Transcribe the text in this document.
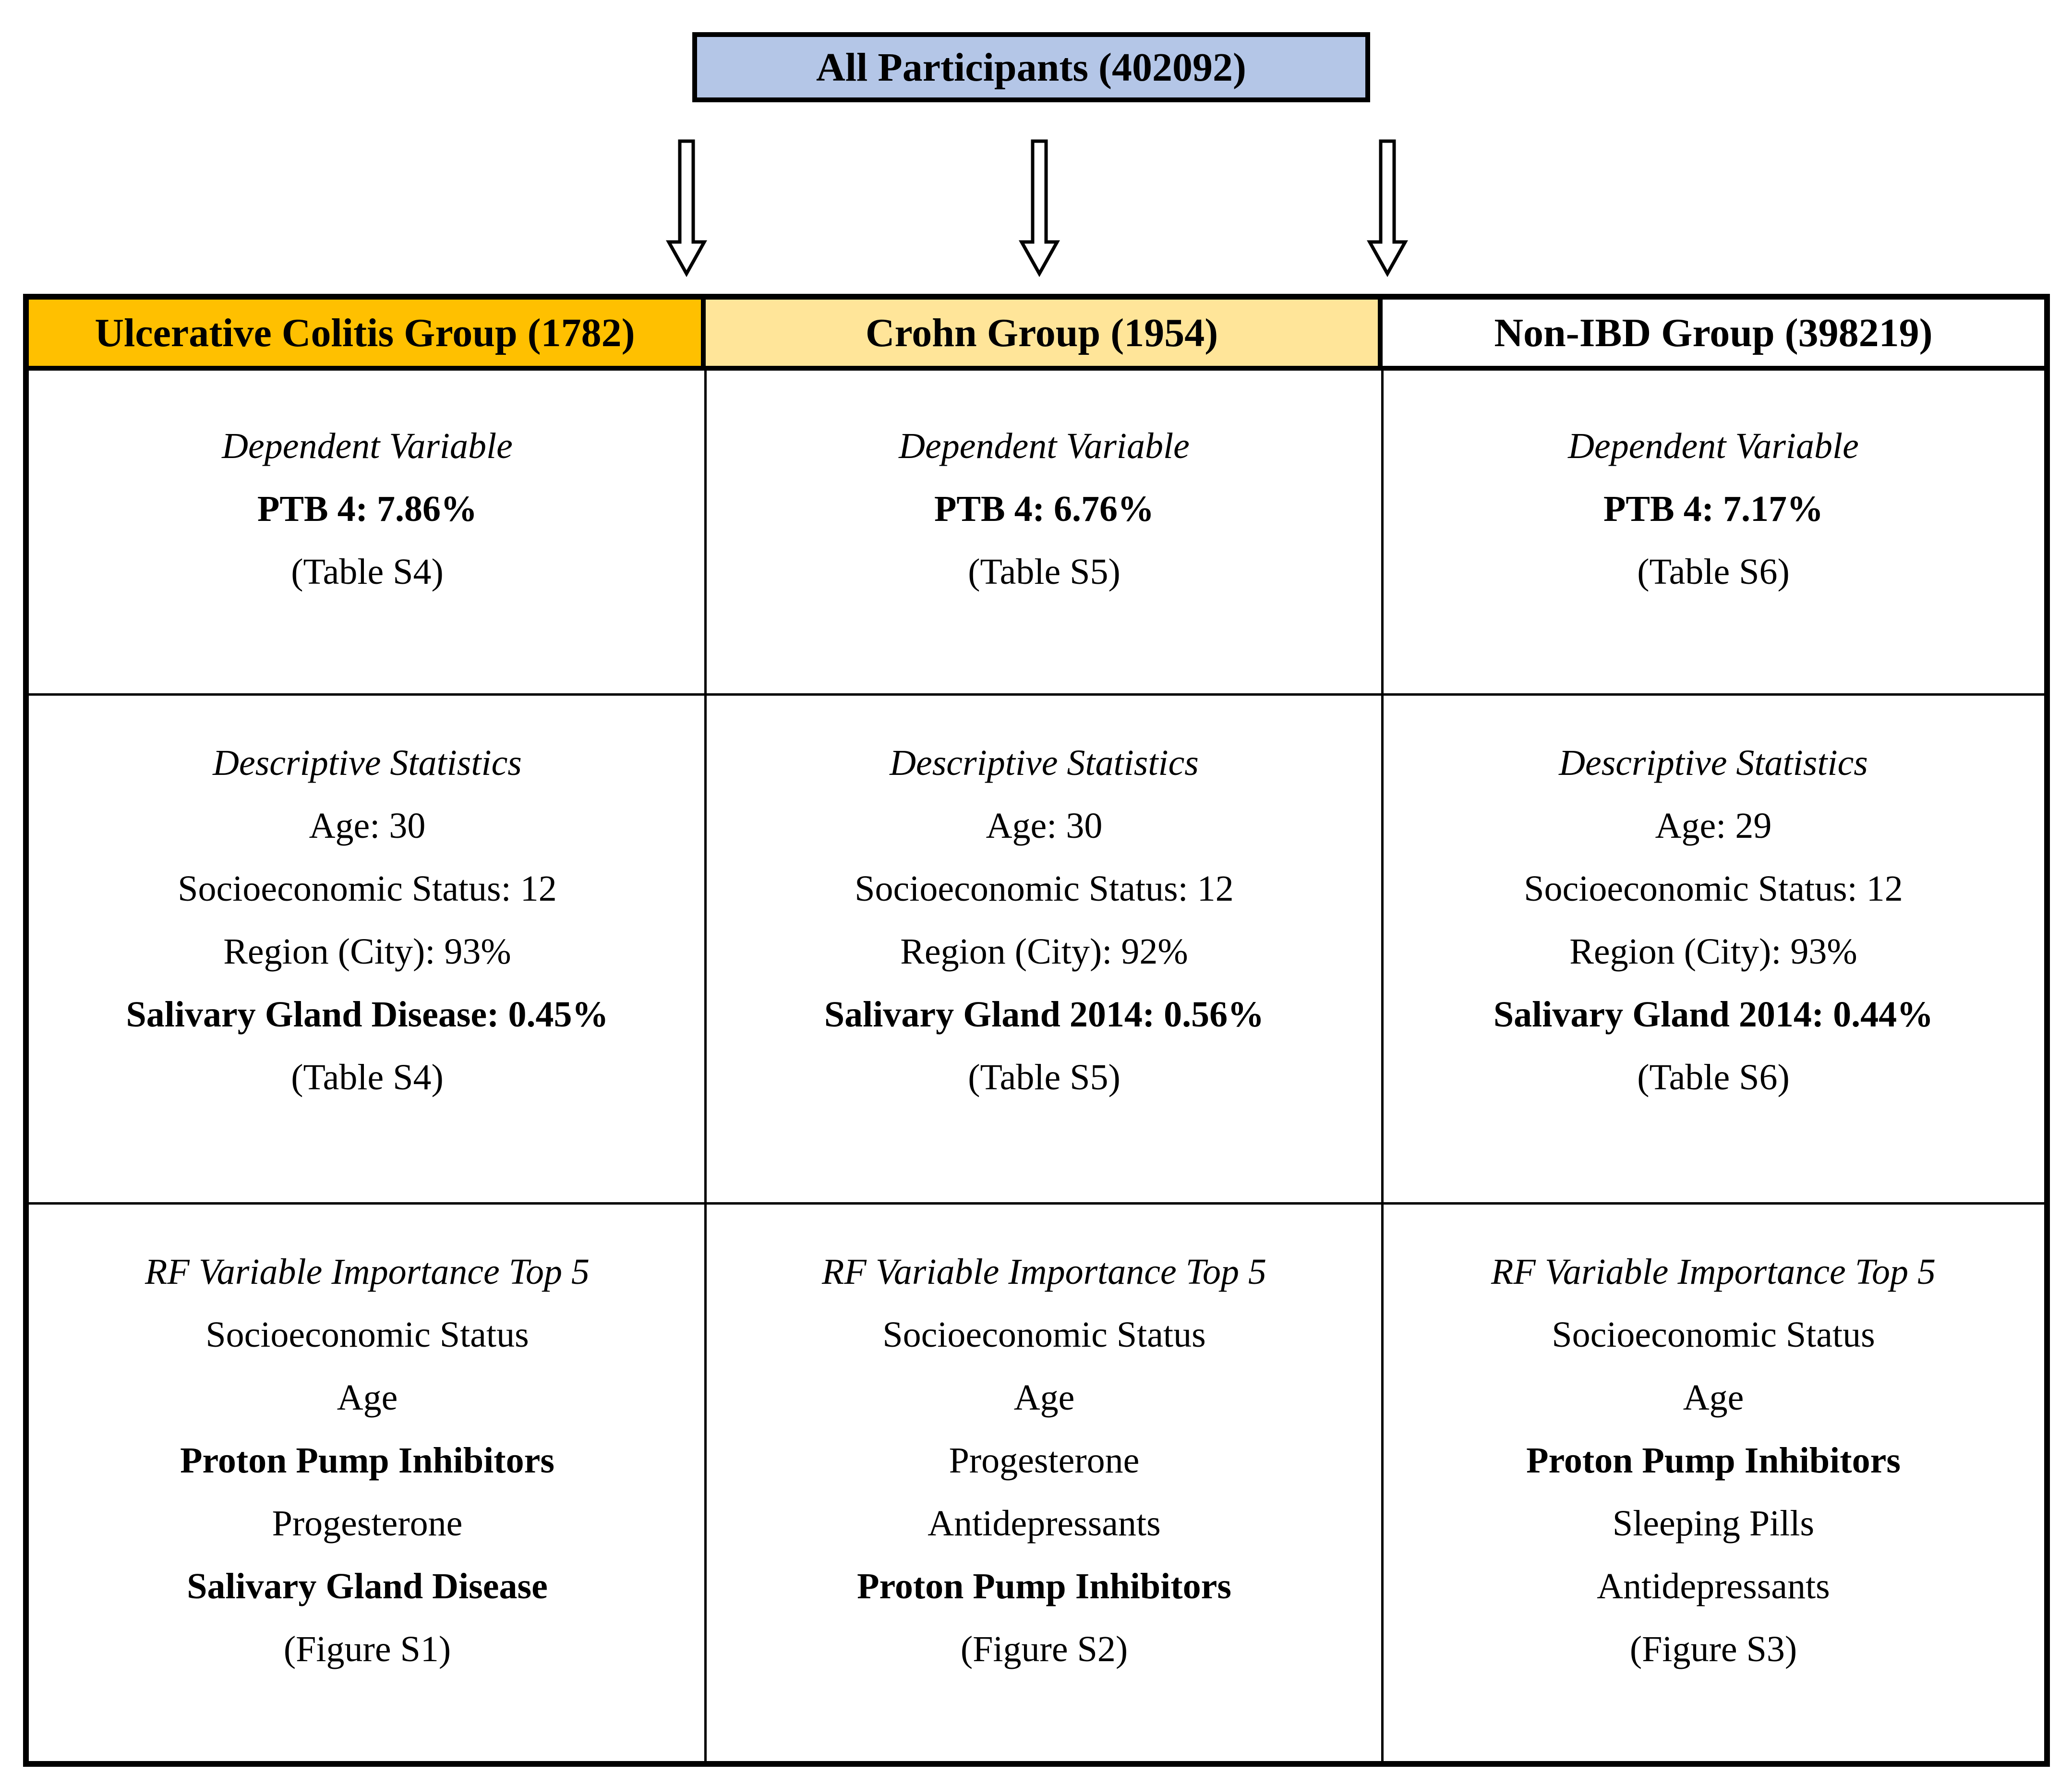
All Participants (402092)
Ulcerative Colitis Group (1782)	Crohn Group (1954)	Non-IBD Group (398219)
Dependent Variable
PTB 4: 7.86%
(Table S4)
Dependent Variable
PTB 4: 6.76%
(Table S5)
Dependent Variable
PTB 4: 7.17%
(Table S6)
Descriptive Statistics
Age: 30
Socioeconomic Status: 12
Region (City): 93%
Salivary Gland Disease: 0.45%
(Table S4)
Descriptive Statistics
Age: 30
Socioeconomic Status: 12
Region (City): 92%
Salivary Gland 2014: 0.56%
(Table S5)
Descriptive Statistics
Age: 29
Socioeconomic Status: 12
Region (City): 93%
Salivary Gland 2014: 0.44%
(Table S6)
RF Variable Importance Top 5
Socioeconomic Status
Age
Proton Pump Inhibitors
Progesterone
Salivary Gland Disease
(Figure S1)
RF Variable Importance Top 5
Socioeconomic Status
Age
Progesterone
Antidepressants
Proton Pump Inhibitors
(Figure S2)
RF Variable Importance Top 5
Socioeconomic Status
Age
Proton Pump Inhibitors
Sleeping Pills
Antidepressants
(Figure S3)
